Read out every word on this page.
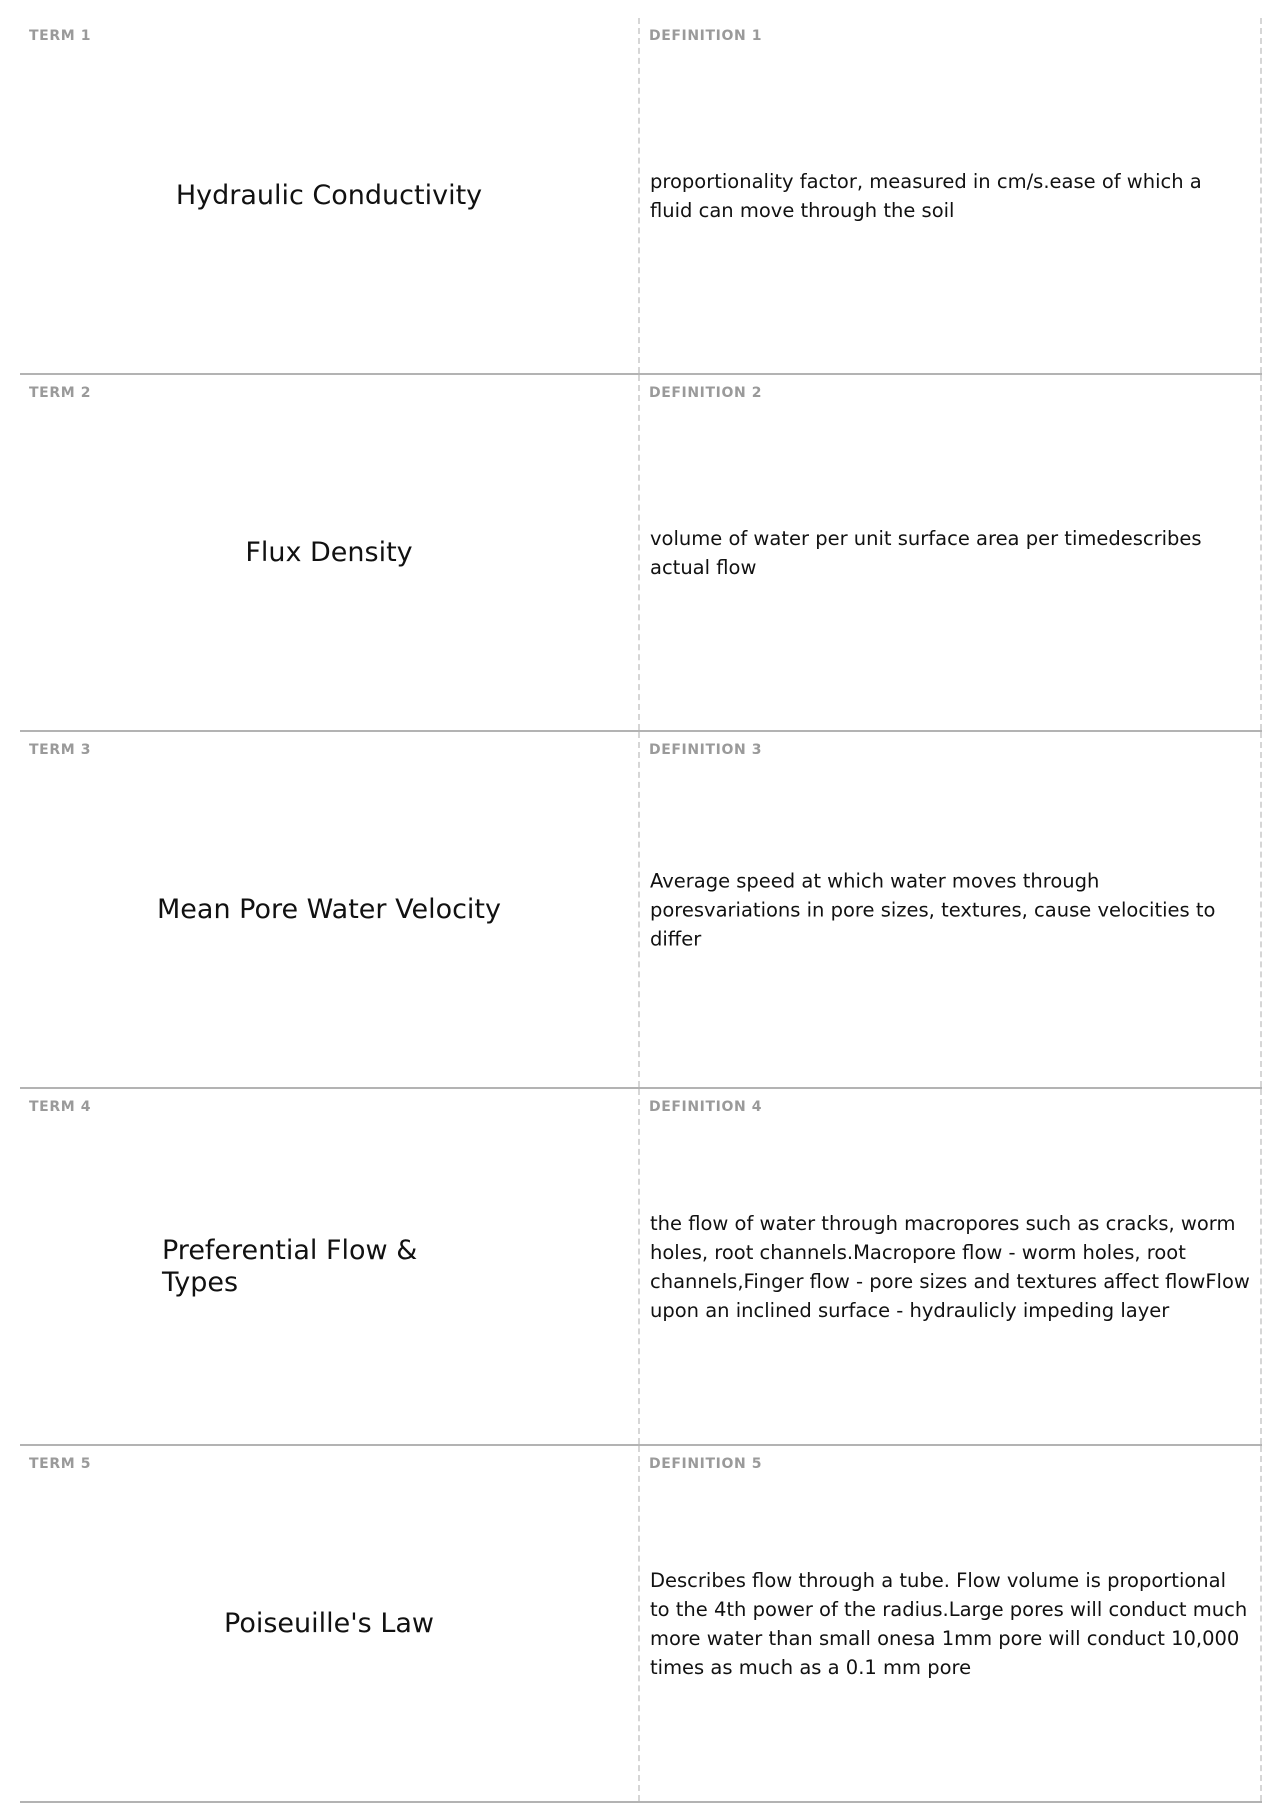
TERM 1
Hydraulic Conductivity
DEFINITION 1
proportionality factor, measured in cm/s.ease of which a fluid can move through the soil
TERM 2
Flux Density
DEFINITION 2
volume of water per unit surface area per timedescribes actual flow
TERM 3
Mean Pore Water Velocity
DEFINITION 3
Average speed at which water moves through poresvariations in pore sizes, textures, cause velocities to differ
TERM 4
Preferential Flow & Types
DEFINITION 4
the flow of water through macropores such as cracks, worm holes, root channels.Macropore flow - worm holes, root channels,Finger flow - pore sizes and textures affect flowFlow upon an inclined surface - hydraulicly impeding layer
TERM 5
Poiseuille's Law
DEFINITION 5
Describes flow through a tube. Flow volume is proportional to the 4th power of the radius.Large pores will conduct much more water than small onesa 1mm pore will conduct 10,000 times as much as a 0.1 mm pore
